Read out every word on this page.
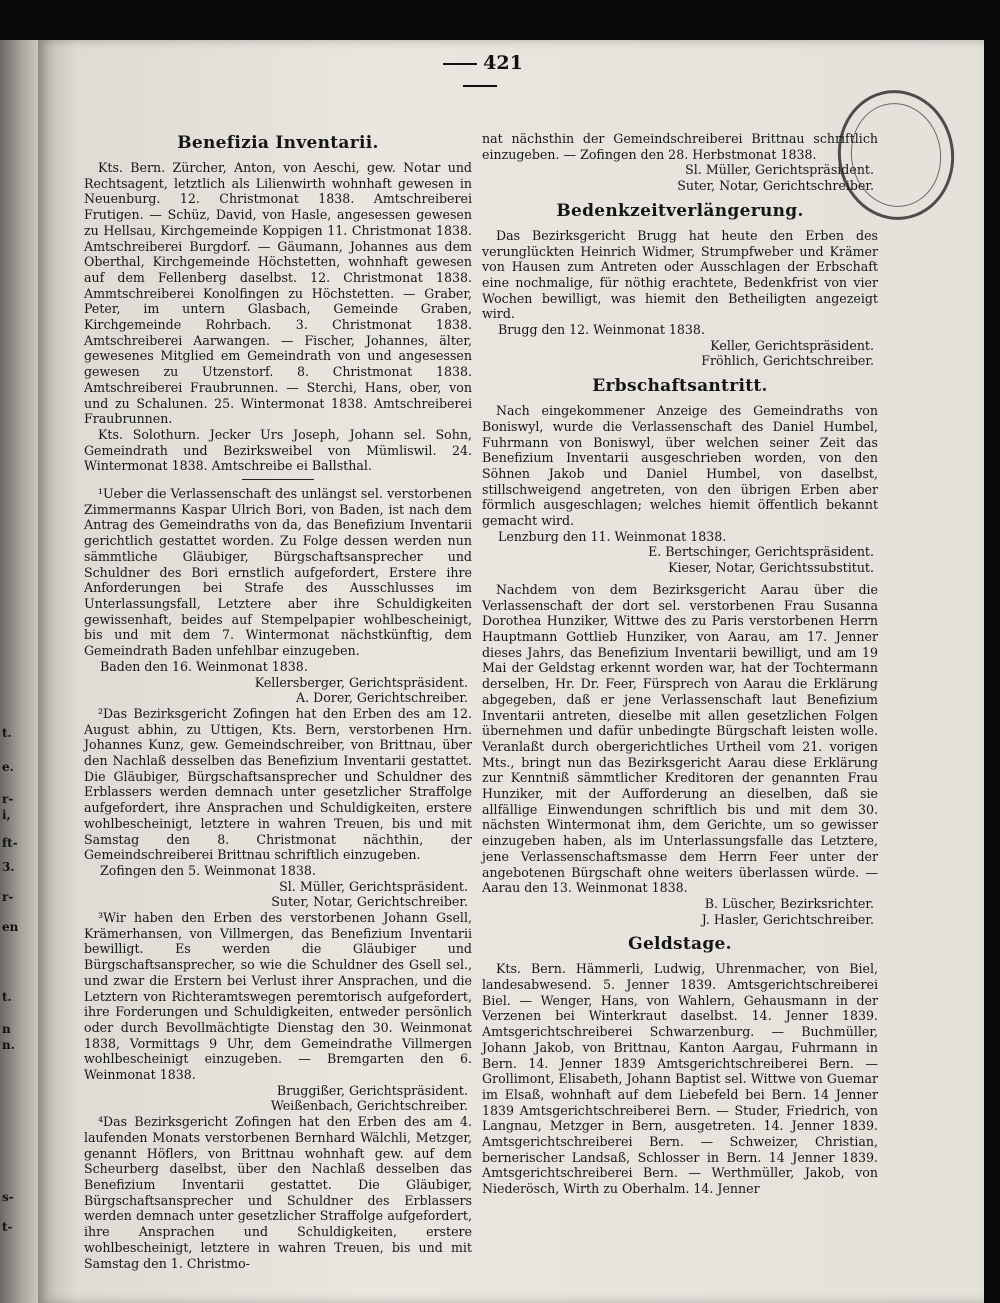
t.
e.
r-
i,
ft-
3.
r-
en
t.
n
n.
s-
t-
421
Benefizia Inventarii.

Kts. Bern. Zürcher, Anton, von Aeschi, gew. Notar und Rechtsagent, letztlich als Lilienwirth wohnhaft gewesen in Neuenburg. 12. Christmonat 1838. Amtschreiberei Frutigen. — Schüz, David, von Hasle, angesessen gewesen zu Hellsau, Kirchgemeinde Koppigen 11. Christmonat 1838. Amtschreiberei Burgdorf. — Gäumann, Johannes aus dem Oberthal, Kirchgemeinde Höchstetten, wohnhaft gewesen auf dem Fellenberg daselbst. 12. Christmonat 1838. Ammtschreiberei Konolfingen zu Höchstetten. — Graber, Peter, im untern Glasbach, Gemeinde Graben, Kirchgemeinde Rohrbach. 3. Christmonat 1838. Amtschreiberei Aarwangen. — Fischer, Johannes, älter, gewesenes Mitglied em Gemeindrath von und angesessen gewesen zu Utzenstorf. 8. Christmonat 1838. Amtschreiberei Fraubrunnen. — Sterchi, Hans, ober, von und zu Schalunen. 25. Wintermonat 1838. Amtschreiberei Fraubrunnen.

Kts. Solothurn. Jecker Urs Joseph, Johann sel. Sohn, Gemeindrath und Bezirksweibel von Mümliswil. 24. Wintermonat 1838. Amtschreibe ei Ballsthal.

¹Ueber die Verlassenschaft des unlängst sel. verstorbenen Zimmermanns Kaspar Ulrich Bori, von Baden, ist nach dem Antrag des Gemeindraths von da, das Benefizium Inventarii gerichtlich gestattet worden. Zu Folge dessen werden nun sämmtliche Gläubiger, Bürgschaftsansprecher und Schuldner des Bori ernstlich aufgefordert, Erstere ihre Anforderungen bei Strafe des Ausschlusses im Unterlassungsfall, Letztere aber ihre Schuldigkeiten gewissenhaft, beides auf Stempelpapier wohlbescheinigt, bis und mit dem 7. Wintermonat nächstkünftig, dem Gemeindrath Baden unfehlbar einzugeben.

Baden den 16. Weinmonat 1838.

Kellersberger, Gerichtspräsident.

A. Dorer, Gerichtschreiber.

²Das Bezirksgericht Zofingen hat den Erben des am 12. August abhin, zu Uttigen, Kts. Bern, verstorbenen Hrn. Johannes Kunz, gew. Gemeindschreiber, von Brittnau, über den Nachlaß desselben das Benefizium Inventarii gestattet. Die Gläubiger, Bürgschaftsansprecher und Schuldner des Erblassers werden demnach unter gesetzlicher Straffolge aufgefordert, ihre Ansprachen und Schuldigkeiten, erstere wohlbescheinigt, letztere in wahren Treuen, bis und mit Samstag den 8. Christmonat nächthin, der Gemeindschreiberei Brittnau schriftlich einzugeben.

Zofingen den 5. Weinmonat 1838.

Sl. Müller, Gerichtspräsident.

Suter, Notar, Gerichtschreiber.

³Wir haben den Erben des verstorbenen Johann Gsell, Krämerhansen, von Villmergen, das Benefizium Inventarii bewilligt. Es werden die Gläubiger und Bürgschaftsansprecher, so wie die Schuldner des Gsell sel., und zwar die Erstern bei Verlust ihrer Ansprachen, und die Letztern von Richteramtswegen peremtorisch aufgefordert, ihre Forderungen und Schuldigkeiten, entweder persönlich oder durch Bevollmächtigte Dienstag den 30. Weinmonat 1838, Vormittags 9 Uhr, dem Gemeindrathe Villmergen wohlbescheinigt einzugeben. — Bremgarten den 6. Weinmonat 1838.

Bruggißer, Gerichtspräsident.

Weißenbach, Gerichtschreiber.

⁴Das Bezirksgericht Zofingen hat den Erben des am 4. laufenden Monats verstorbenen Bernhard Wälchli, Metzger, genannt Höflers, von Brittnau wohnhaft gew. auf dem Scheurberg daselbst, über den Nachlaß desselben das Benefizium Inventarii gestattet. Die Gläubiger, Bürgschaftsansprecher und Schuldner des Erblassers werden demnach unter gesetzlicher Straffolge aufgefordert, ihre Ansprachen und Schuldigkeiten, erstere wohlbescheinigt, letztere in wahren Treuen, bis und mit Samstag den 1. Christmo-

nat nächsthin der Gemeindschreiberei Brittnau schriftlich einzugeben. — Zofingen den 28. Herbstmonat 1838.

Sl. Müller, Gerichtspräsident.

Suter, Notar, Gerichtschreiber.

Bedenkzeitverlängerung.

Das Bezirksgericht Brugg hat heute den Erben des verunglückten Heinrich Widmer, Strumpfweber und Krämer von Hausen zum Antreten oder Ausschlagen der Erbschaft eine nochmalige, für nöthig erachtete, Bedenkfrist von vier Wochen bewilligt, was hiemit den Betheiligten angezeigt wird.

Brugg den 12. Weinmonat 1838.

Keller, Gerichtspräsident.

Fröhlich, Gerichtschreiber.

Erbschaftsantritt.

Nach eingekommener Anzeige des Gemeindraths von Boniswyl, wurde die Verlassenschaft des Daniel Humbel, Fuhrmann von Boniswyl, über welchen seiner Zeit das Benefizium Inventarii ausgeschrieben worden, von den Söhnen Jakob und Daniel Humbel, von daselbst, stillschweigend angetreten, von den übrigen Erben aber förmlich ausgeschlagen; welches hiemit öffentlich bekannt gemacht wird.

Lenzburg den 11. Weinmonat 1838.

E. Bertschinger, Gerichtspräsident.

Kieser, Notar, Gerichtssubstitut.

Nachdem von dem Bezirksgericht Aarau über die Verlassenschaft der dort sel. verstorbenen Frau Susanna Dorothea Hunziker, Wittwe des zu Paris verstorbenen Herrn Hauptmann Gottlieb Hunziker, von Aarau, am 17. Jenner dieses Jahrs, das Benefizium Inventarii bewilligt, und am 19 Mai der Geldstag erkennt worden war, hat der Tochtermann derselben, Hr. Dr. Feer, Fürsprech von Aarau die Erklärung abgegeben, daß er jene Verlassenschaft laut Benefizium Inventarii antreten, dieselbe mit allen gesetzlichen Folgen übernehmen und dafür unbedingte Bürgschaft leisten wolle. Veranlaßt durch obergerichtliches Urtheil vom 21. vorigen Mts., bringt nun das Bezirksgericht Aarau diese Erklärung zur Kenntniß sämmtlicher Kreditoren der genannten Frau Hunziker, mit der Aufforderung an dieselben, daß sie allfällige Einwendungen schriftlich bis und mit dem 30. nächsten Wintermonat ihm, dem Gerichte, um so gewisser einzugeben haben, als im Unterlassungsfalle das Letztere, jene Verlassenschaftsmasse dem Herrn Feer unter der angebotenen Bürgschaft ohne weiters überlassen würde. — Aarau den 13. Weinmonat 1838.

B. Lüscher, Bezirksrichter.

J. Hasler, Gerichtschreiber.

Geldstage.

Kts. Bern. Hämmerli, Ludwig, Uhrenmacher, von Biel, landesabwesend. 5. Jenner 1839. Amtsgerichtschreiberei Biel. — Wenger, Hans, von Wahlern, Gehausmann in der Verzenen bei Winterkraut daselbst. 14. Jenner 1839. Amtsgerichtschreiberei Schwarzenburg. — Buchmüller, Johann Jakob, von Brittnau, Kanton Aargau, Fuhrmann in Bern. 14. Jenner 1839 Amtsgerichtschreiberei Bern. — Grollimont, Elisabeth, Johann Baptist sel. Wittwe von Guemar im Elsaß, wohnhaft auf dem Liebefeld bei Bern. 14 Jenner 1839 Amtsgerichtschreiberei Bern. — Studer, Friedrich, von Langnau, Metzger in Bern, ausgetreten. 14. Jenner 1839. Amtsgerichtschreiberei Bern. — Schweizer, Christian, bernerischer Landsaß, Schlosser in Bern. 14 Jenner 1839. Amtsgerichtschreiberei Bern. — Werthmüller, Jakob, von Niederösch, Wirth zu Oberhalm. 14. Jenner
